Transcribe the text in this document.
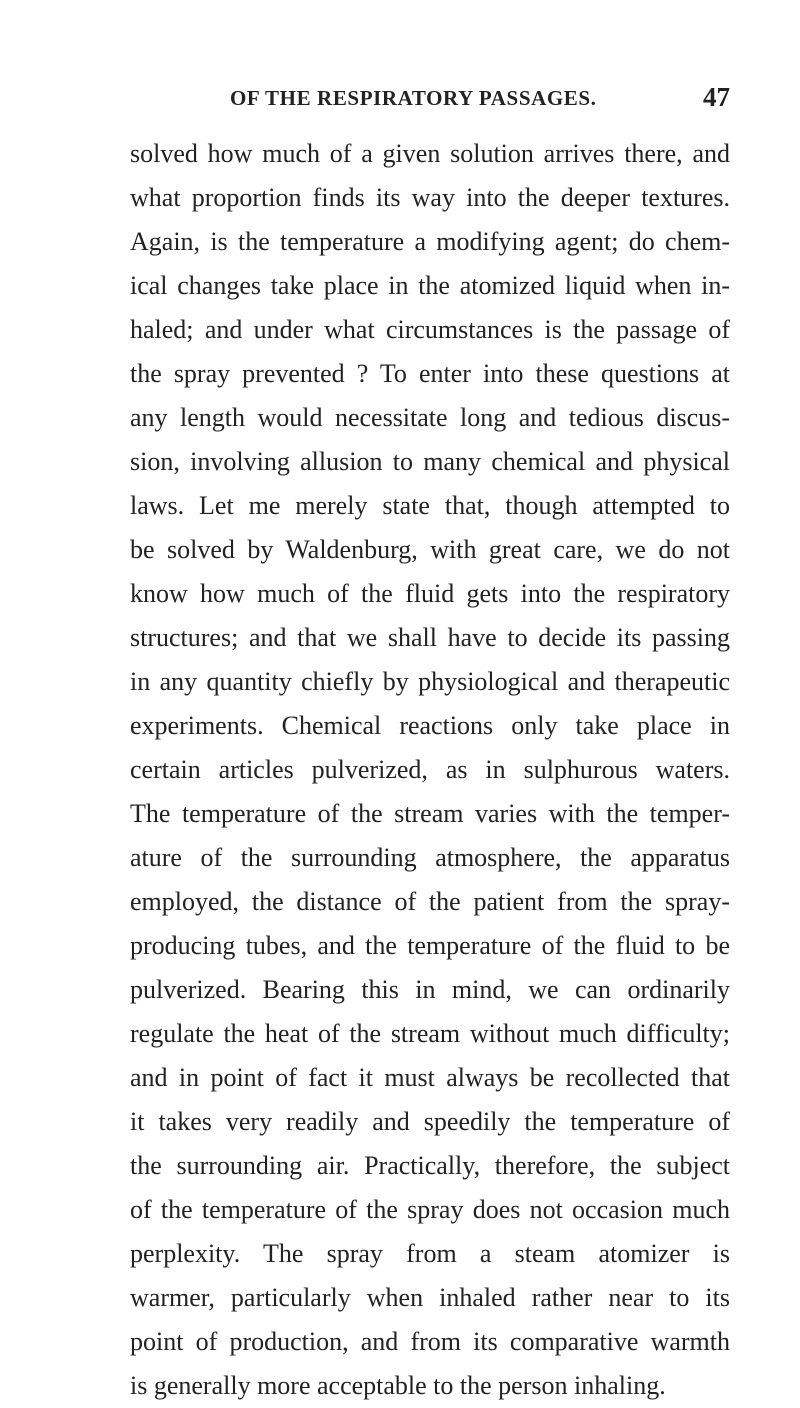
OF THE RESPIRATORY PASSAGES.	47
solved how much of a given solution arrives there, and
what proportion finds its way into the deeper textures.
Again, is the temperature a modifying agent; do chem-
ical changes take place in the atomized liquid when in-
haled; and under what circumstances is the passage of
the spray prevented ? To enter into these questions at
any length would necessitate long and tedious discus-
sion, involving allusion to many chemical and physical
laws. Let me merely state that, though attempted to
be solved by Waldenburg, with great care, we do not
know how much of the fluid gets into the respiratory
structures; and that we shall have to decide its passing
in any quantity chiefly by physiological and therapeutic
experiments. Chemical reactions only take place in
certain articles pulverized, as in sulphurous waters.
The temperature of the stream varies with the temper-
ature of the surrounding atmosphere, the apparatus
employed, the distance of the patient from the spray-
producing tubes, and the temperature of the fluid to be
pulverized. Bearing this in mind, we can ordinarily
regulate the heat of the stream without much difficulty;
and in point of fact it must always be recollected that
it takes very readily and speedily the temperature of
the surrounding air. Practically, therefore, the subject
of the temperature of the spray does not occasion much
perplexity. The spray from a steam atomizer is
warmer, particularly when inhaled rather near to its
point of production, and from its comparative warmth
is generally more acceptable to the person inhaling.
